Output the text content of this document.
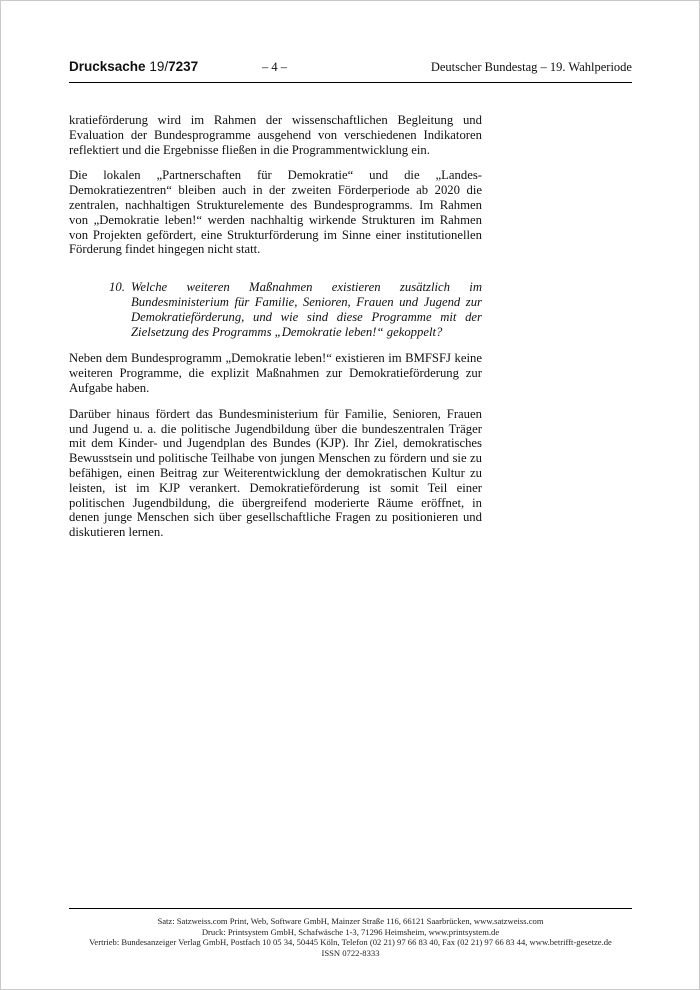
Drucksache 19/7237	– 4 –	Deutscher Bundestag – 19. Wahlperiode

kratieförderung wird im Rahmen der wissenschaftlichen Begleitung und Evaluation der Bundesprogramme ausgehend von verschiedenen Indikatoren reflektiert und die Ergebnisse fließen in die Programmentwicklung ein.

Die lokalen „Partnerschaften für Demokratie“ und die „Landes-Demokratiezentren“ bleiben auch in der zweiten Förderperiode ab 2020 die zentralen, nachhaltigen Strukturelemente des Bundesprogramms. Im Rahmen von „Demokratie leben!“ werden nachhaltig wirkende Strukturen im Rahmen von Projekten gefördert, eine Strukturförderung im Sinne einer institutionellen Förderung findet hingegen nicht statt.

10. Welche weiteren Maßnahmen existieren zusätzlich im Bundesministerium für Familie, Senioren, Frauen und Jugend zur Demokratieförderung, und wie sind diese Programme mit der Zielsetzung des Programms „Demokratie leben!“ gekoppelt?

Neben dem Bundesprogramm „Demokratie leben!“ existieren im BMFSFJ keine weiteren Programme, die explizit Maßnahmen zur Demokratieförderung zur Aufgabe haben.

Darüber hinaus fördert das Bundesministerium für Familie, Senioren, Frauen und Jugend u. a. die politische Jugendbildung über die bundeszentralen Träger mit dem Kinder- und Jugendplan des Bundes (KJP). Ihr Ziel, demokratisches Bewusstsein und politische Teilhabe von jungen Menschen zu fördern und sie zu befähigen, einen Beitrag zur Weiterentwicklung der demokratischen Kultur zu leisten, ist im KJP verankert. Demokratieförderung ist somit Teil einer politischen Jugendbildung, die übergreifend moderierte Räume eröffnet, in denen junge Menschen sich über gesellschaftliche Fragen zu positionieren und diskutieren lernen.

Satz: Satzweiss.com Print, Web, Software GmbH, Mainzer Straße 116, 66121 Saarbrücken, www.satzweiss.com
Druck: Printsystem GmbH, Schafwäsche 1-3, 71296 Heimsheim, www.printsystem.de
Vertrieb: Bundesanzeiger Verlag GmbH, Postfach 10 05 34, 50445 Köln, Telefon (02 21) 97 66 83 40, Fax (02 21) 97 66 83 44, www.betrifft-gesetze.de
ISSN 0722-8333
